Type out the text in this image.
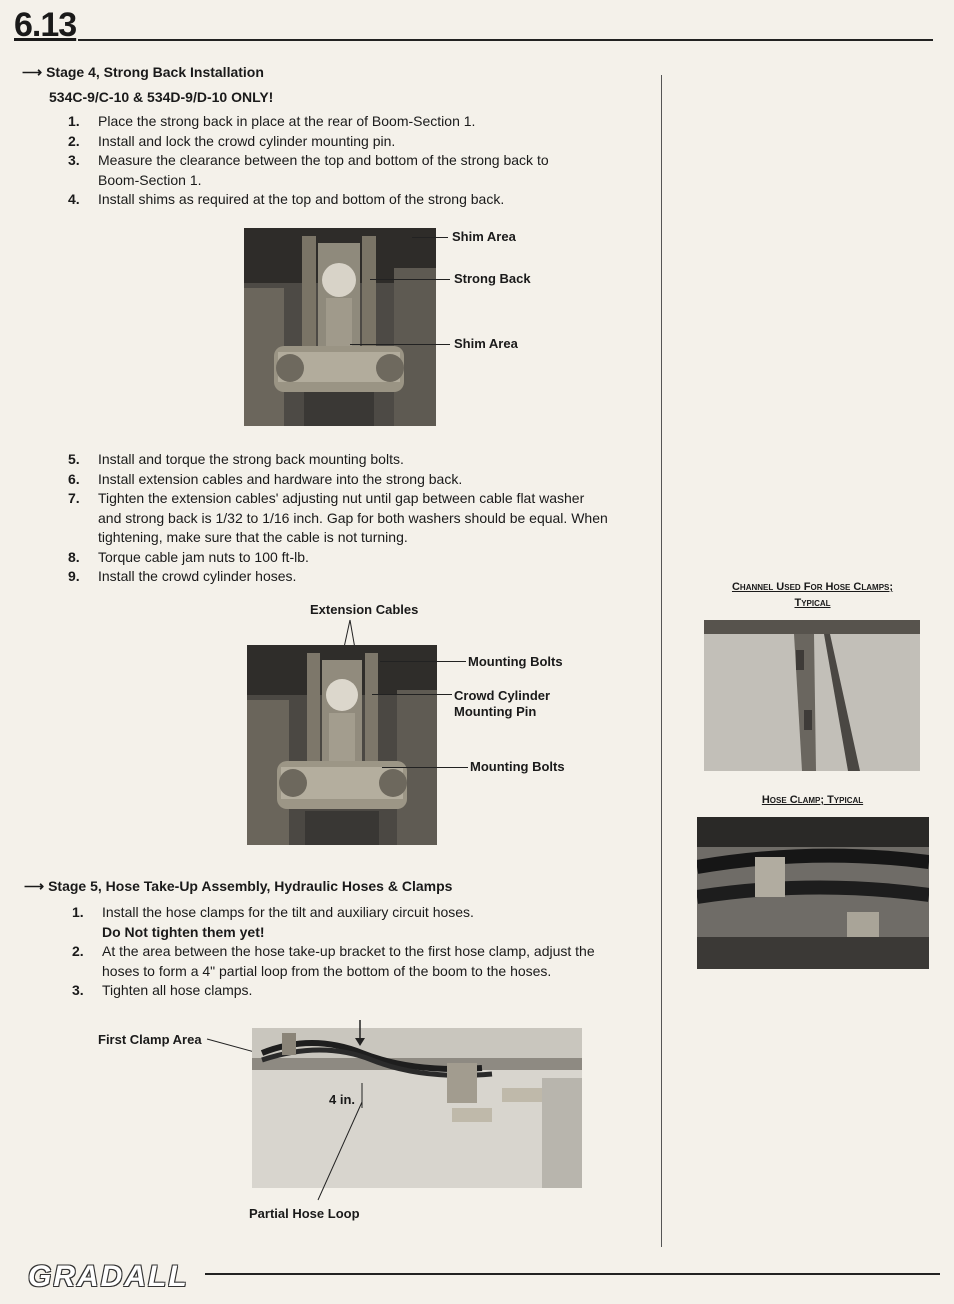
6.13
⟶ Stage 4, Strong Back Installation
534C-9/C-10 & 534D-9/D-10 ONLY!
1.	Place the strong back in place at the rear of Boom-Section 1.
2.	Install and lock the crowd cylinder mounting pin.
3.	Measure the clearance between the top and bottom of the strong back to Boom-Section 1.
4.	Install shims as required at the top and bottom of the strong back.
Shim Area
Strong Back
Shim Area
5.	Install and torque the strong back mounting bolts.
6.	Install extension cables and hardware into the strong back.
7.	Tighten the extension cables' adjusting nut until gap between cable flat washer and strong back is 1/32 to 1/16 inch. Gap for both washers should be equal. When tightening, make sure that the cable is not turning.
8.	Torque cable jam nuts to 100 ft-lb.
9.	Install the crowd cylinder hoses.
Extension Cables
Mounting Bolts
Crowd Cylinder
Mounting Pin
Mounting Bolts
⟶ Stage 5, Hose Take-Up Assembly, Hydraulic Hoses & Clamps
1.	Install the hose clamps for the tilt and auxiliary circuit hoses.
Do Not tighten them yet!
2.	At the area between the hose take-up bracket to the first hose clamp, adjust the hoses to form a 4" partial loop from the bottom of the boom to the hoses.
3.	Tighten all hose clamps.
First Clamp Area
4 in.
Partial Hose Loop
Channel Used For Hose Clamps;
Typical
Hose Clamp; Typical
GRADALL
